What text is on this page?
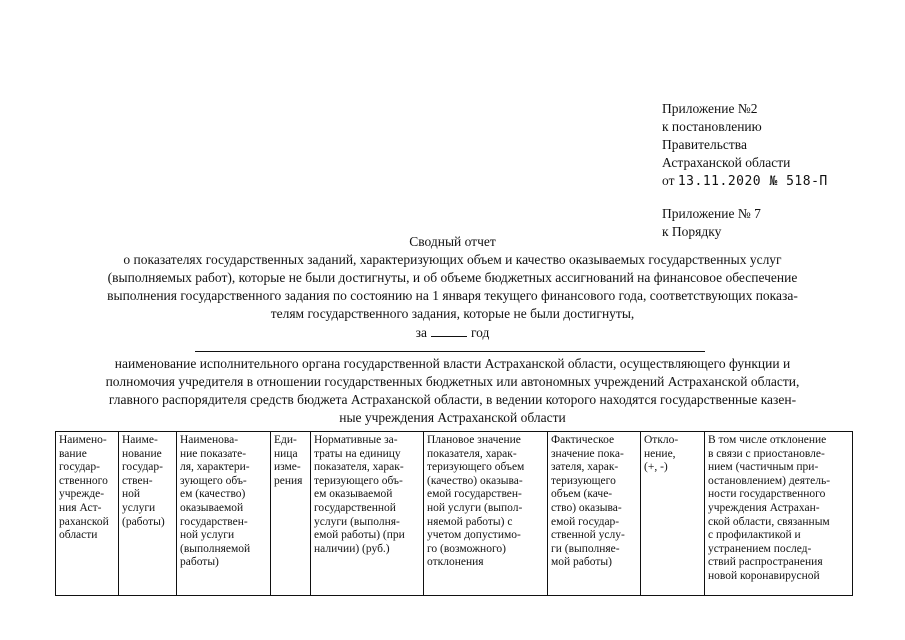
Приложение №2
к постановлению
Правительства
Астраханской области
от 13.11.2020 № 518-П
Приложение № 7
к Порядку
Сводный отчет
о показателях государственных заданий, характеризующих объем и качество оказываемых государственных услуг
(выполняемых работ), которые не были достигнуты, и об объеме бюджетных ассигнований на финансовое обеспечение
выполнения государственного задания по состоянию на 1 января текущего финансового года, соответствующих показа-
телям государственного задания, которые не были достигнуты,
за	год
наименование исполнительного органа государственной власти Астраханской области, осуществляющего функции и
полномочия учредителя в отношении государственных бюджетных или автономных учреждений Астраханской области,
главного распорядителя средств бюджета Астраханской области, в ведении которого находятся государственные казен-
ные учреждения Астраханской области
Наимено-
вание
государ-
ственного
учрежде-
ния Аст-
раханской
области

Наиме-
нование
государ-
ствен-
ной
услуги
(работы)

Наименова-
ние показате-
ля, характери-
зующего объ-
ем (качество)
оказываемой
государствен-
ной услуги
(выполняемой
работы)

Еди-
ница
изме-
рения

Нормативные за-
траты на единицу
показателя, харак-
теризующего объ-
ем оказываемой
государственной
услуги (выполня-
емой работы) (при
наличии) (руб.)

Плановое значение
показателя, харак-
теризующего объем
(качество) оказыва-
емой государствен-
ной услуги (выпол-
няемой работы) с
учетом допустимо-
го (возможного)
отклонения

Фактическое
значение пока-
зателя, харак-
теризующего
объем (каче-
ство) оказыва-
емой государ-
ственной услу-
ги (выполняе-
мой работы)

Откло-
нение,
(+, -)

В том числе отклонение
в связи с приостановле-
нием (частичным при-
остановлением) деятель-
ности государственного
учреждения Астрахан-
ской области, связанным
с профилактикой и
устранением послед-
ствий распространения
новой коронавирусной
